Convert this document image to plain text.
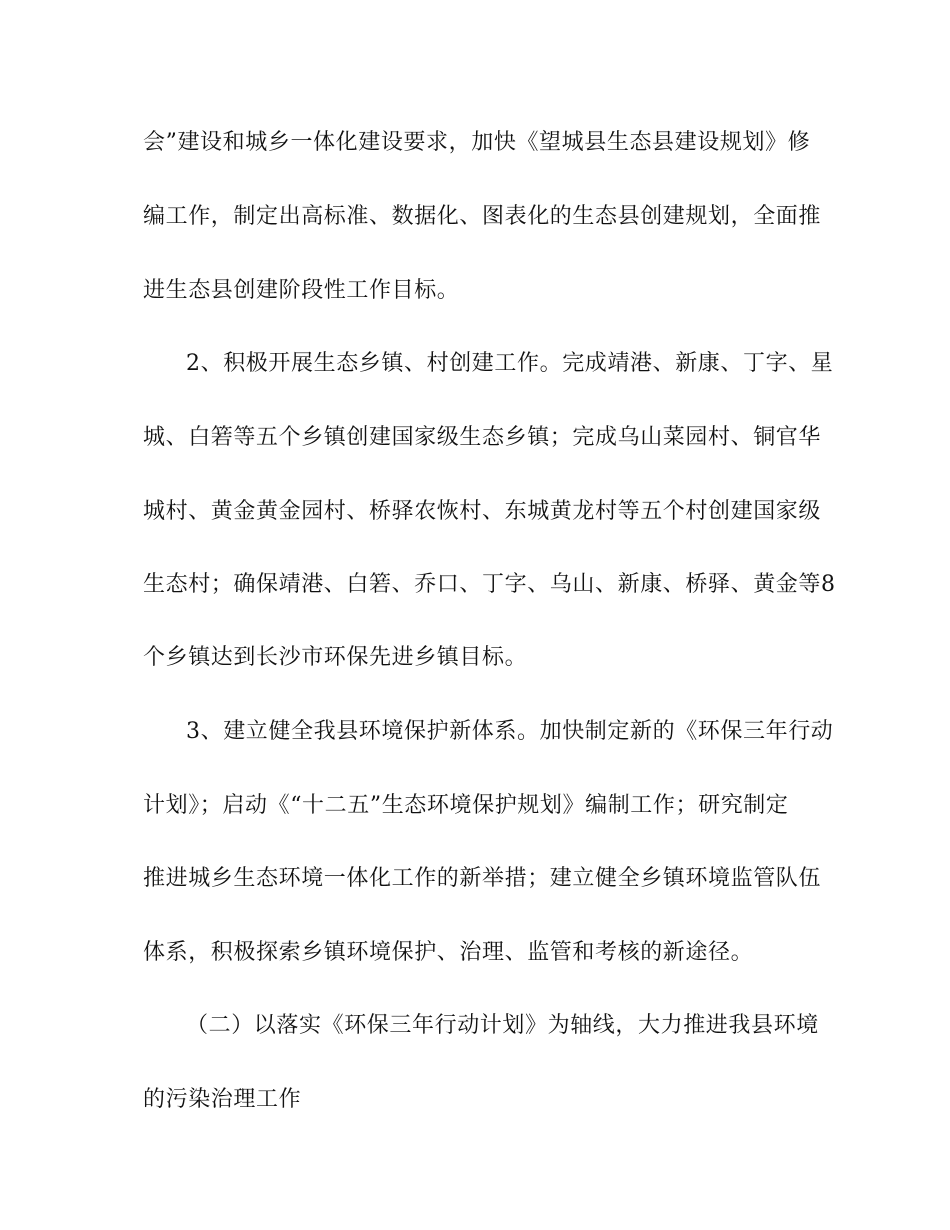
会”建设和城乡一体化建设要求，加快《望城县生态县建设规划》修
编工作，制定出高标准、数据化、图表化的生态县创建规划，全面推
进生态县创建阶段性工作目标。
2、积极开展生态乡镇、村创建工作。完成靖港、新康、丁字、星
城、白箬等五个乡镇创建国家级生态乡镇；完成乌山菜园村、铜官华
城村、黄金黄金园村、桥驿农恢村、东城黄龙村等五个村创建国家级
生态村；确保靖港、白箬、乔口、丁字、乌山、新康、桥驿、黄金等8
个乡镇达到长沙市环保先进乡镇目标。
3、建立健全我县环境保护新体系。加快制定新的《环保三年行动
计划》；启动《“十二五”生态环境保护规划》编制工作；研究制定
推进城乡生态环境一体化工作的新举措；建立健全乡镇环境监管队伍
体系，积极探索乡镇环境保护、治理、监管和考核的新途径。
（二）以落实《环保三年行动计划》为轴线，大力推进我县环境
的污染治理工作
